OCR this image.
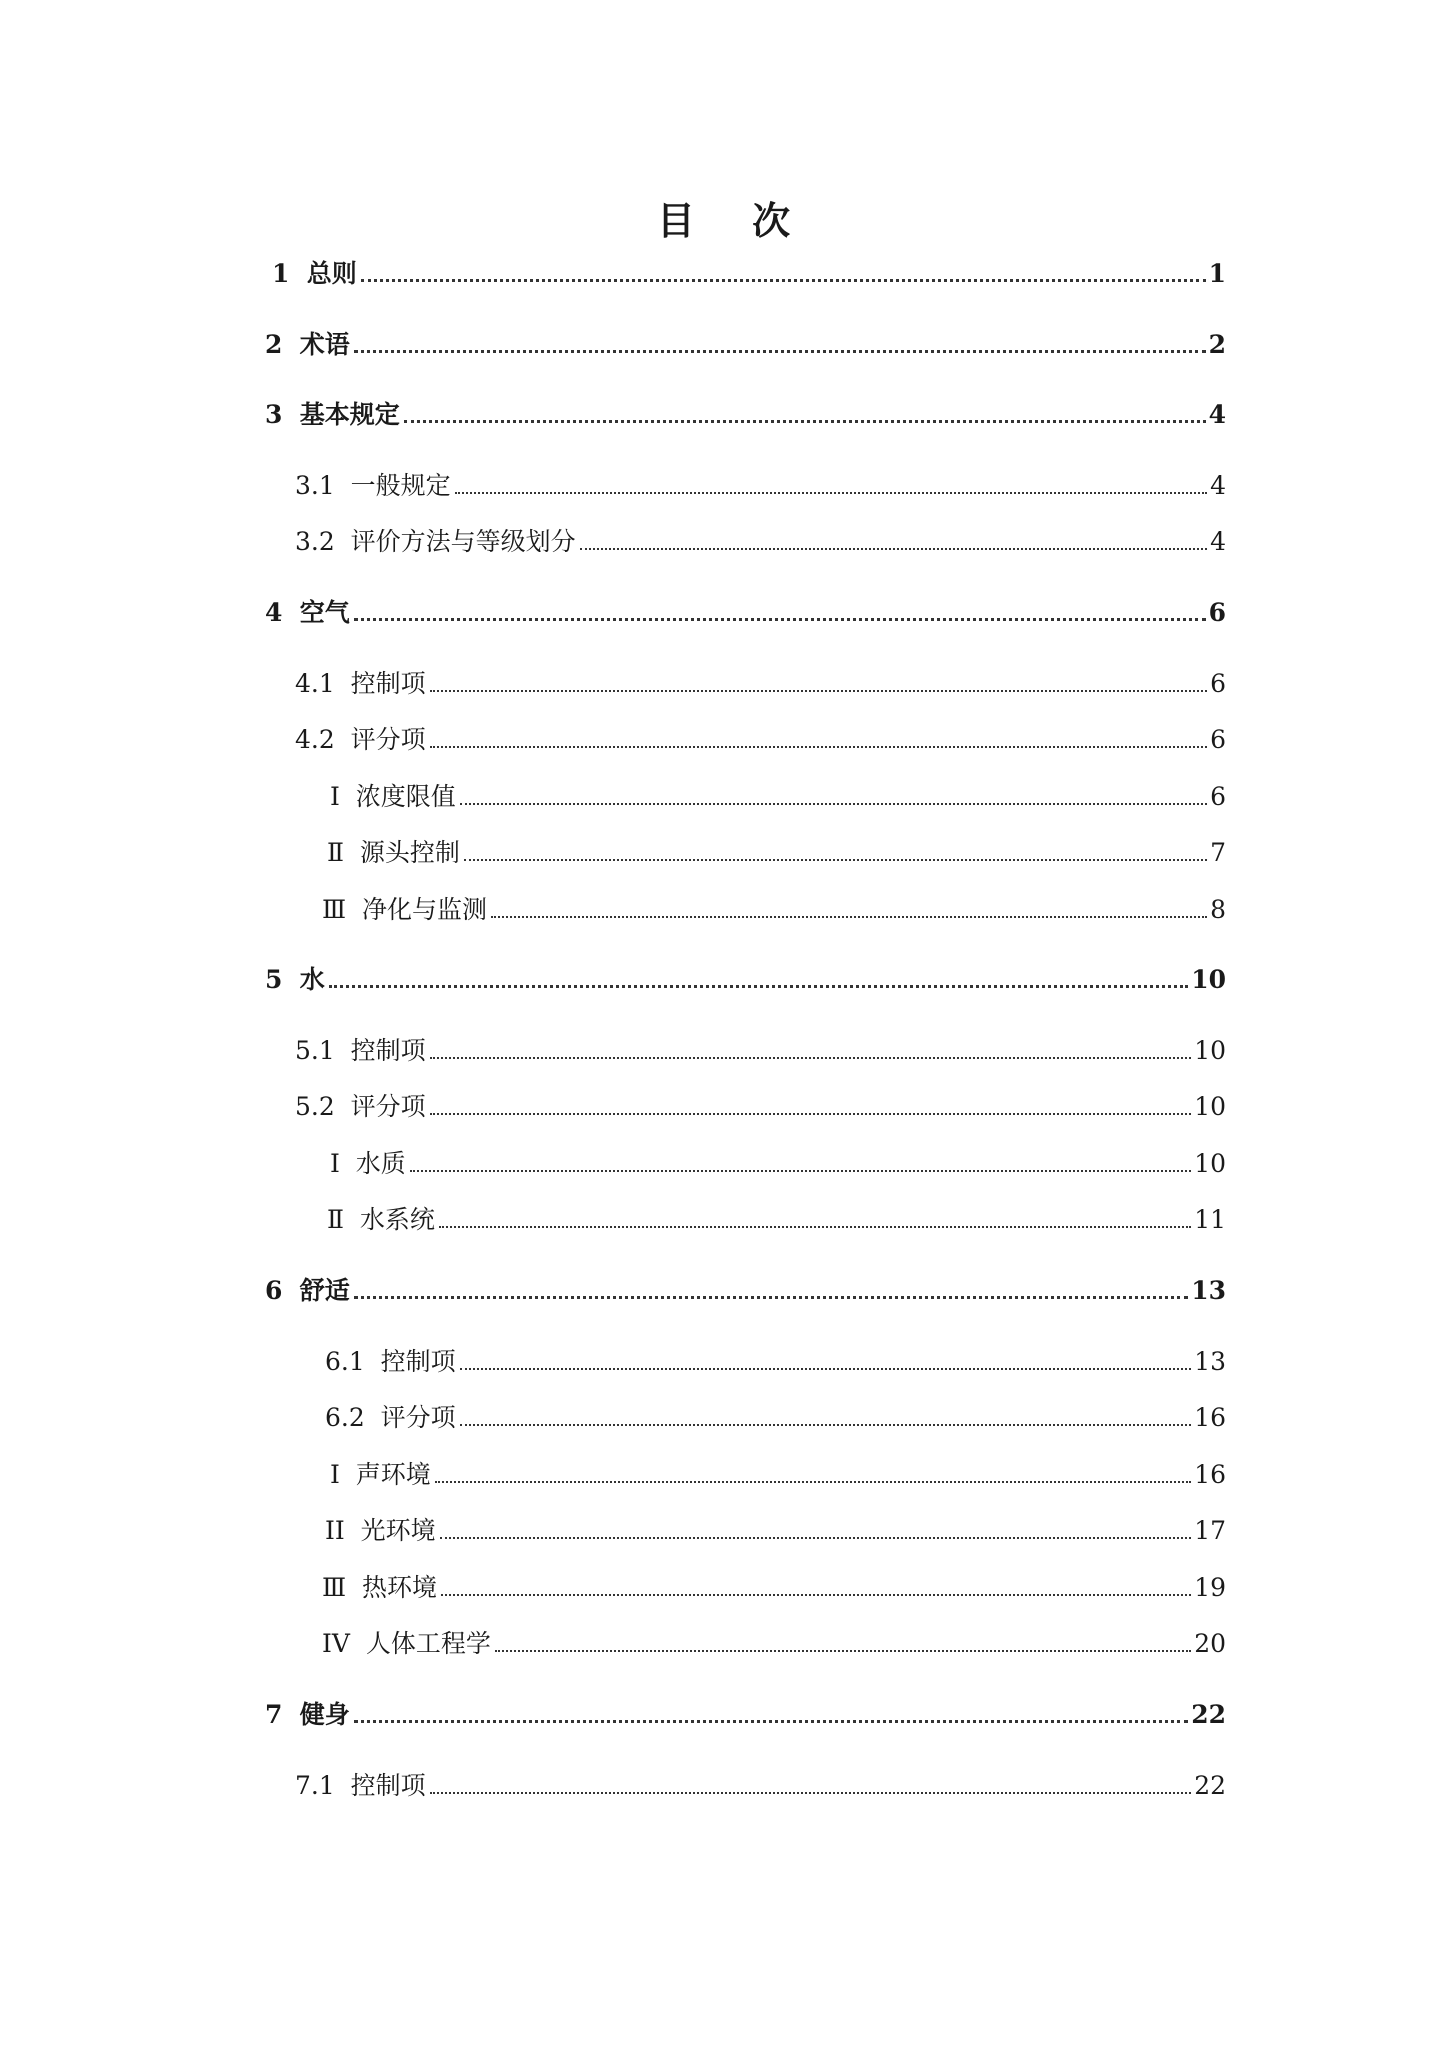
目 次
1  总则	1
2  术语	2
3  基本规定	4
3.1  一般规定	4
3.2  评价方法与等级划分	4
4  空气	6
4.1  控制项	6
4.2  评分项	6
Ⅰ  浓度限值	6
Ⅱ  源头控制	7
Ⅲ  净化与监测	8
5  水	10
5.1  控制项	10
5.2  评分项	10
Ⅰ  水质	10
Ⅱ  水系统	11
6  舒适	13
6.1  控制项	13
6.2  评分项	16
Ⅰ  声环境	16
II  光环境	17
Ⅲ  热环境	19
IV  人体工程学	20
7  健身	22
7.1  控制项	22
